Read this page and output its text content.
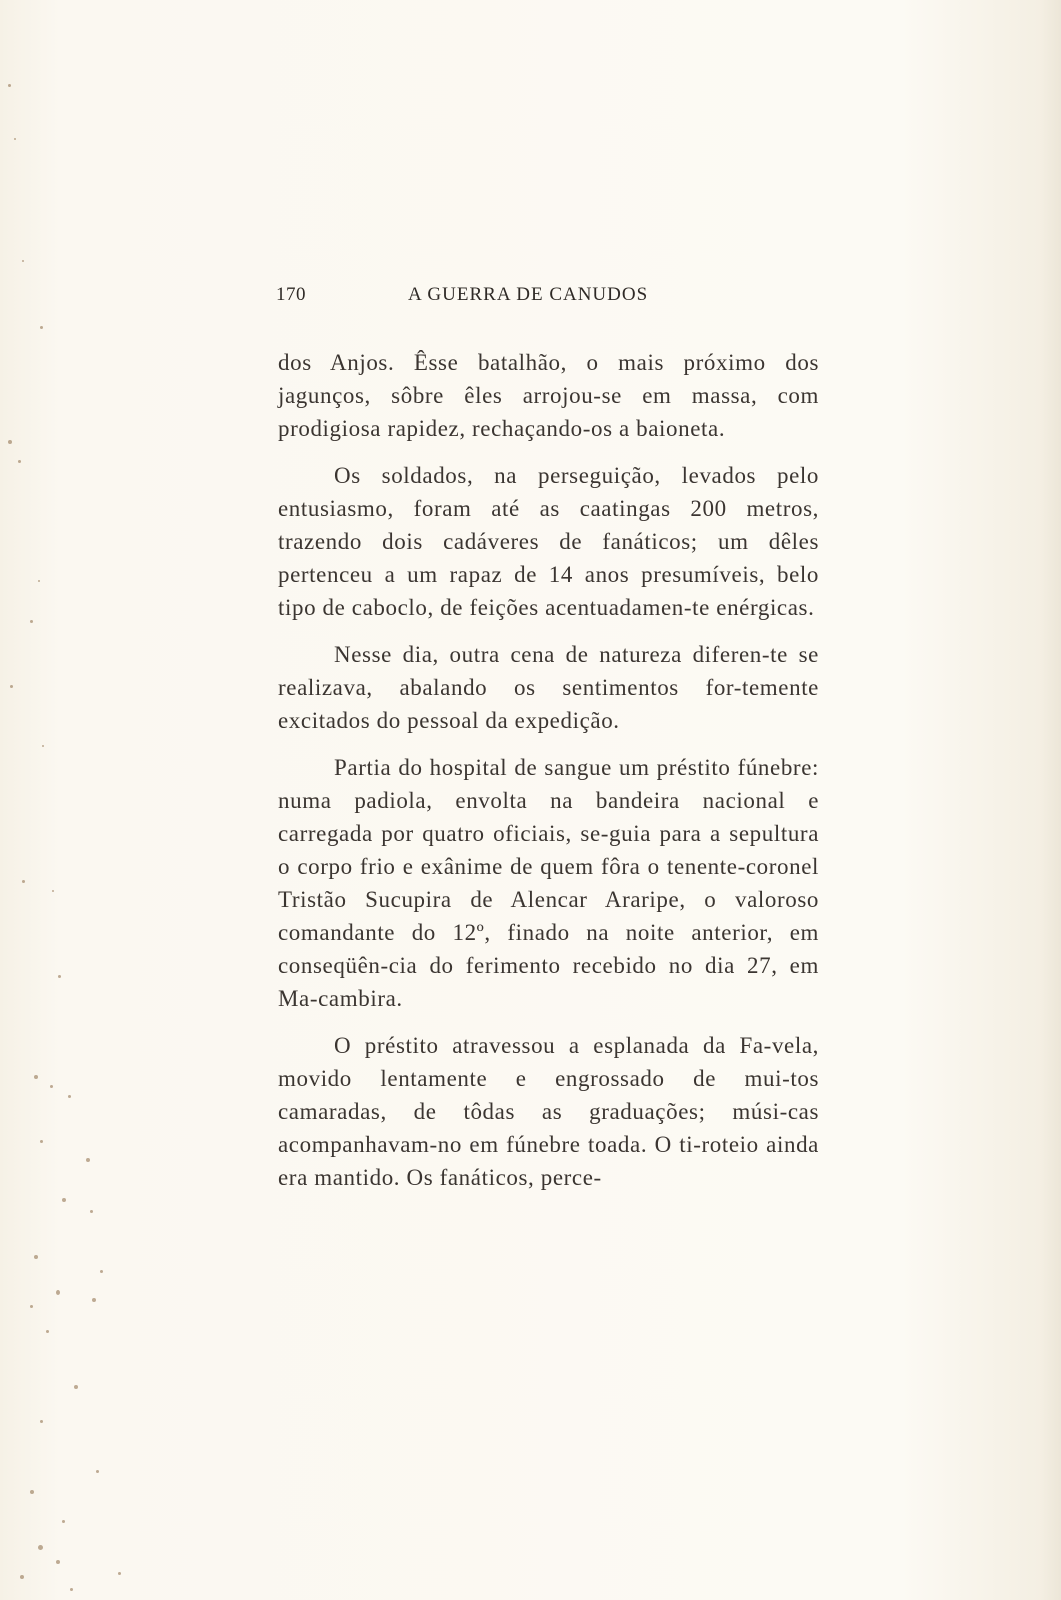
170	A GUERRA DE CANUDOS

dos Anjos. Êsse batalhão, o mais próximo dos jagunços, sôbre êles arrojou-se em massa, com prodigiosa rapidez, rechaçando-os a baioneta.

Os soldados, na perseguição, levados pelo entusiasmo, foram até as caatingas 200 metros, trazendo dois cadáveres de fanáticos; um dêles pertenceu a um rapaz de 14 anos presumíveis, belo tipo de caboclo, de feições acentuadamen-te enérgicas.

Nesse dia, outra cena de natureza diferen-te se realizava, abalando os sentimentos for-temente excitados do pessoal da expedição.

Partia do hospital de sangue um préstito fúnebre: numa padiola, envolta na bandeira nacional e carregada por quatro oficiais, se-guia para a sepultura o corpo frio e exânime de quem fôra o tenente-coronel Tristão Sucupira de Alencar Araripe, o valoroso comandante do 12º, finado na noite anterior, em conseqüên-cia do ferimento recebido no dia 27, em Ma-cambira.

O préstito atravessou a esplanada da Fa-vela, movido lentamente e engrossado de mui-tos camaradas, de tôdas as graduações; músi-cas acompanhavam-no em fúnebre toada. O ti-roteio ainda era mantido. Os fanáticos, perce-
